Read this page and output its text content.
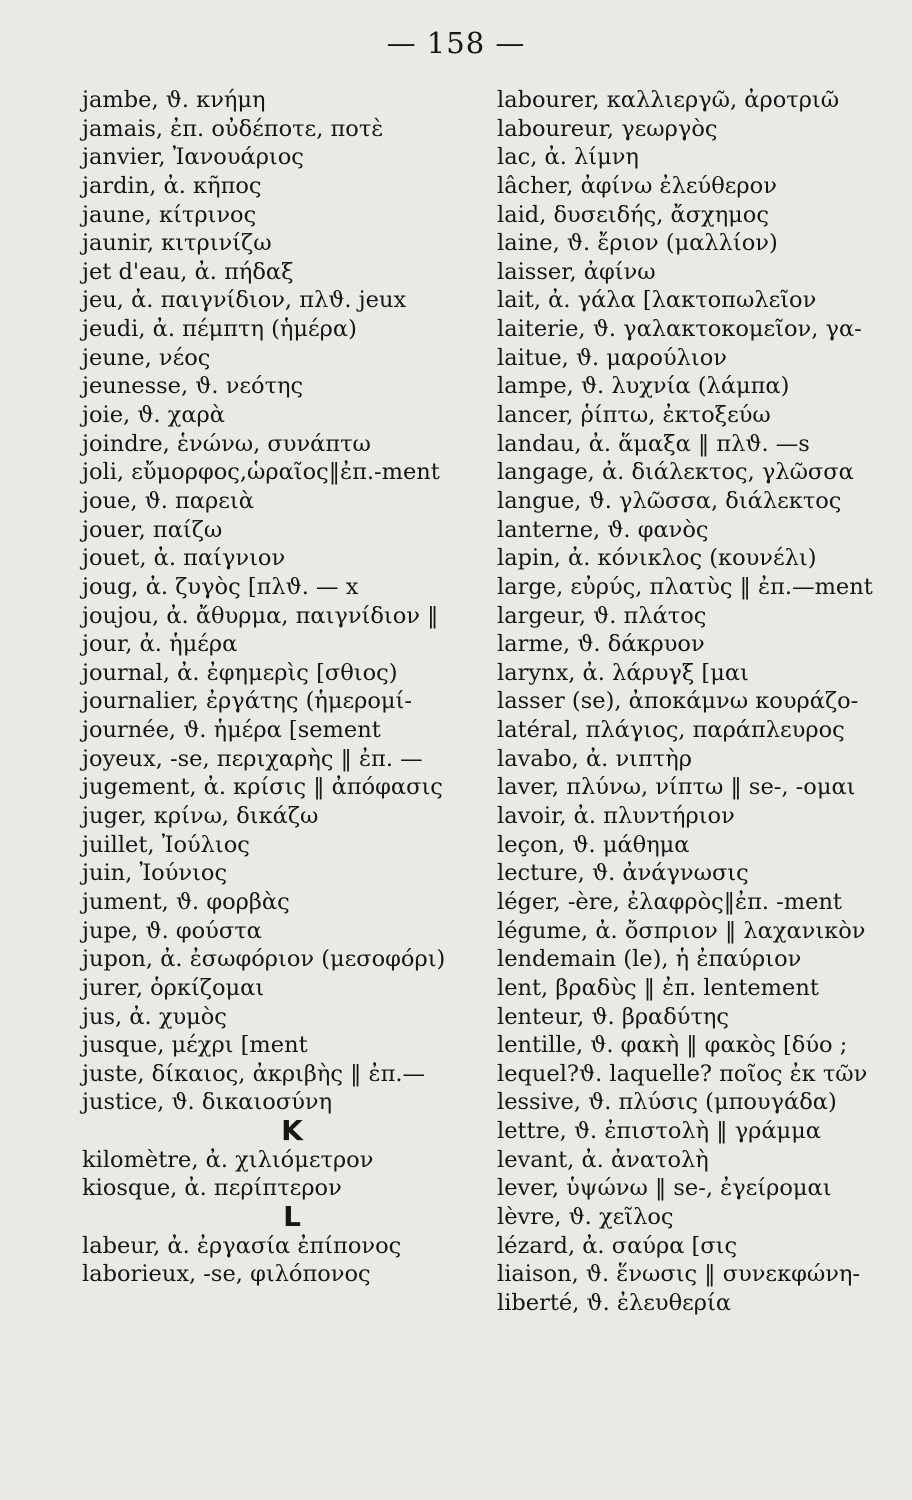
— 158 —
jambe, ϑ. κνήμη
jamais, ἐπ. οὐδέποτε, ποτὲ
janvier, Ἰανουάριος
jardin, ἀ. κῆπος
jaune, κίτρινος
jaunir, κιτρινίζω
jet d'eau, ἀ. πήδαξ
jeu, ἀ. παιγνίδιον, πλϑ. jeux
jeudi, ἀ. πέμπτη (ἡμέρα)
jeune, νέος
jeunesse, ϑ. νεότης
joie, ϑ. χαρὰ
joindre, ἑνώνω, συνάπτω
joli, εὔμορφος,ὡραῖος‖ἐπ.-ment
joue, ϑ. παρειὰ
jouer, παίζω
jouet, ἀ. παίγνιον
joug, ἀ. ζυγὸς [πλϑ. — x
joujou, ἀ. ἄθυρμα, παιγνίδιον ‖
jour, ἀ. ἡμέρα
journal, ἀ. ἐφημερὶς [σθιος)
journalier, ἐργάτης (ἡμερομί-
journée, ϑ. ἡμέρα [sement
joyeux, -se, περιχαρὴς ‖ ἐπ. —
jugement, ἀ. κρίσις ‖ ἀπόφασις
juger, κρίνω, δικάζω
juillet, Ἰούλιος
juin, Ἰούνιος
jument, ϑ. φορβὰς
jupe, ϑ. φούστα
jupon, ἀ. ἐσωφόριον (μεσοφόρι)
jurer, ὁρκίζομαι
jus, ἀ. χυμὸς
jusque, μέχρι [ment
juste, δίκαιος, ἀκριβὴς ‖ ἐπ.—
justice, ϑ. δικαιοσύνη
K
kilomètre, ἀ. χιλιόμετρον
kiosque, ἀ. περίπτερον
L
labeur, ἀ. ἐργασία ἐπίπονος
laborieux, -se, φιλόπονος
labourer, καλλιεργῶ, ἀροτριῶ
laboureur, γεωργὸς
lac, ἀ. λίμνη
lâcher, ἀφίνω ἐλεύθερον
laid, δυσειδής, ἄσχημος
laine, ϑ. ἔριον (μαλλίον)
laisser, ἀφίνω
lait, ἀ. γάλα [λακτοπωλεῖον
laiterie, ϑ. γαλακτοκομεῖον, γα-
laitue, ϑ. μαρούλιον
lampe, ϑ. λυχνία (λάμπα)
lancer, ῥίπτω, ἐκτοξεύω
landau, ἀ. ἅμαξα ‖ πλϑ. —s
langage, ἀ. διάλεκτος, γλῶσσα
langue, ϑ. γλῶσσα, διάλεκτος
lanterne, ϑ. φανὸς
lapin, ἀ. κόνικλος (κουνέλι)
large, εὐρύς, πλατὺς ‖ ἐπ.—ment
largeur, ϑ. πλάτος
larme, ϑ. δάκρυον
larynx, ἀ. λάρυγξ [μαι
lasser (se), ἀποκάμνω κουράζο-
latéral, πλάγιος, παράπλευρος
lavabo, ἀ. νιπτὴρ
laver, πλύνω, νίπτω ‖ se-, -ομαι
lavoir, ἀ. πλυντήριον
leçon, ϑ. μάθημα
lecture, ϑ. ἀνάγνωσις
léger, -ère, ἐλαφρὸς‖ἐπ. -ment
légume, ἀ. ὄσπριον ‖ λαχανικὸν
lendemain (le), ἡ ἐπαύριον
lent, βραδὺς ‖ ἐπ. lentement
lenteur, ϑ. βραδύτης
lentille, ϑ. φακὴ ‖ φακὸς [δύο ;
lequel?ϑ. laquelle? ποῖος ἐκ τῶν
lessive, ϑ. πλύσις (μπουγάδα)
lettre, ϑ. ἐπιστολὴ ‖ γράμμα
levant, ἀ. ἀνατολὴ
lever, ὑψώνω ‖ se-, ἐγείρομαι
lèvre, ϑ. χεῖλος
lézard, ἀ. σαύρα [σις
liaison, ϑ. ἕνωσις ‖ συνεκφώνη-
liberté, ϑ. ἐλευθερία
